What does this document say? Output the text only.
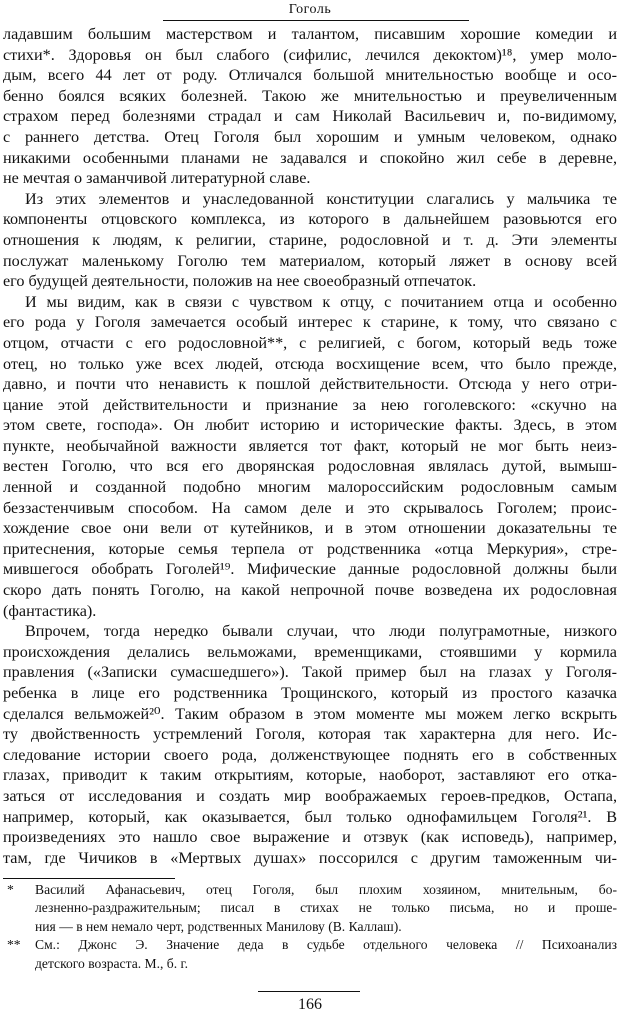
Гоголь
ладавшим большим мастерством и талантом, писавшим хорошие комедии и
стихи*. Здоровья он был слабого (сифилис, лечился декоктом)¹⁸, умер моло-
дым, всего 44 лет от роду. Отличался большой мнительностью вообще и осо-
бенно боялся всяких болезней. Такою же мнительностью и преувеличенным
страхом перед болезнями страдал и сам Николай Васильевич и, по-видимому,
с раннего детства. Отец Гоголя был хорошим и умным человеком, однако
никакими особенными планами не задавался и спокойно жил себе в деревне,
не мечтая о заманчивой литературной славе.
Из этих элементов и унаследованной конституции слагались у мальчика те
компоненты отцовского комплекса, из которого в дальнейшем разовьются его
отношения к людям, к религии, старине, родословной и т. д. Эти элементы
послужат маленькому Гоголю тем материалом, который ляжет в основу всей
его будущей деятельности, положив на нее своеобразный отпечаток.
И мы видим, как в связи с чувством к отцу, с почитанием отца и особенно
его рода у Гоголя замечается особый интерес к старине, к тому, что связано с
отцом, отчасти с его родословной**, с религией, с богом, который ведь тоже
отец, но только уже всех людей, отсюда восхищение всем, что было прежде,
давно, и почти что ненависть к пошлой действительности. Отсюда у него отри-
цание этой действительности и признание за нею гоголевского: «скучно на
этом свете, господа». Он любит историю и исторические факты. Здесь, в этом
пункте, необычайной важности является тот факт, который не мог быть неиз-
вестен Гоголю, что вся его дворянская родословная являлась дутой, вымыш-
ленной и созданной подобно многим малороссийским родословным самым
беззастенчивым способом. На самом деле и это скрывалось Гоголем; проис-
хождение свое они вели от кутейников, и в этом отношении доказательны те
притеснения, которые семья терпела от родственника «отца Меркурия», стре-
мившегося обобрать Гоголей¹⁹. Мифические данные родословной должны были
скоро дать понять Гоголю, на какой непрочной почве возведена их родословная
(фантастика).
Впрочем, тогда нередко бывали случаи, что люди полуграмотные, низкого
происхождения делались вельможами, временщиками, стоявшими у кормила
правления («Записки сумасшедшего»). Такой пример был на глазах у Гоголя-
ребенка в лице его родственника Трощинского, который из простого казачка
сделался вельможей²⁰. Таким образом в этом моменте мы можем легко вскрыть
ту двойственность устремлений Гоголя, которая так характерна для него. Ис-
следование истории своего рода, долженствующее поднять его в собственных
глазах, приводит к таким открытиям, которые, наоборот, заставляют его отка-
заться от исследования и создать мир воображаемых героев-предков, Остапа,
например, который, как оказывается, был только однофамильцем Гоголя²¹. В
произведениях это нашло свое выражение и отзвук (как исповедь), например,
там, где Чичиков в «Мертвых душах» поссорился с другим таможенным чи-
* Василий Афанасьевич, отец Гоголя, был плохим хозяином, мнительным, бо-
лезненно-раздражительным; писал в стихах не только письма, но и проше-
ния — в нем немало черт, родственных Манилову (В. Каллаш).
** См.: Джонс Э. Значение деда в судьбе отдельного человека // Психоанализ
детского возраста. М., б. г.
166
